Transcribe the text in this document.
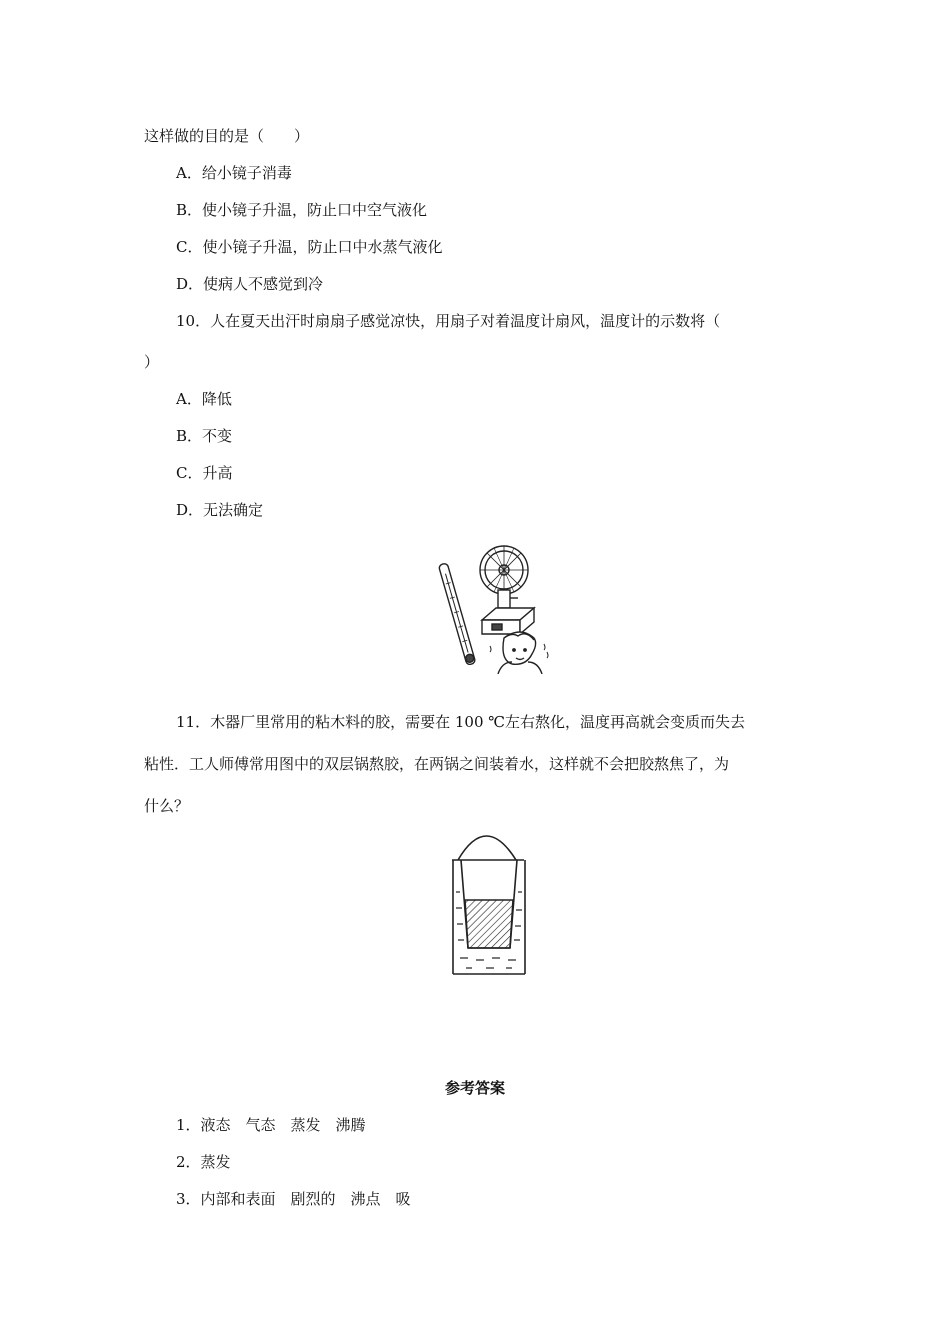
这样做的目的是（　　）
A．给小镜子消毒
B．使小镜子升温，防止口中空气液化
C．使小镜子升温，防止口中水蒸气液化
D．使病人不感觉到冷
10．人在夏天出汗时扇扇子感觉凉快，用扇子对着温度计扇风，温度计的示数将（
）
A．降低
B．不变
C．升高
D．无法确定
11．木器厂里常用的粘木料的胶，需要在 100 ℃左右熬化，温度再高就会变质而失去
粘性．工人师傅常用图中的双层锅熬胶，在两锅之间装着水，这样就不会把胶熬焦了，为
什么？
参考答案
1．液态　气态　蒸发　沸腾
2．蒸发
3．内部和表面　剧烈的　沸点　吸
